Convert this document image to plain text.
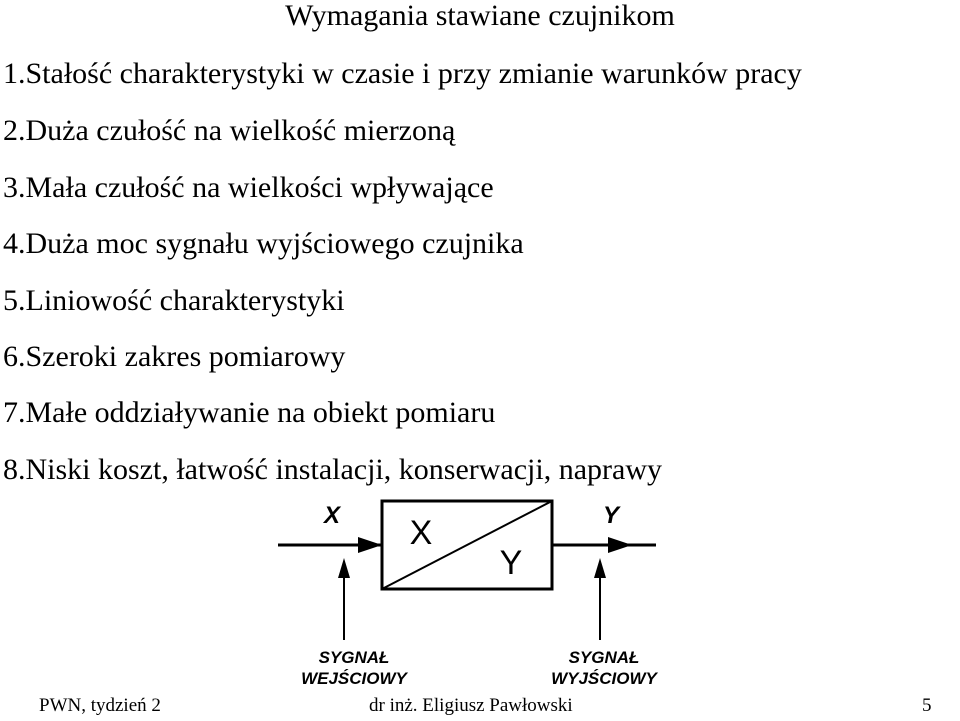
Wymagania stawiane czujnikom
1.Stałość charakterystyki w czasie i przy zmianie warunków pracy
2.Duża czułość na wielkość mierzoną
3.Mała czułość na wielkości wpływające
4.Duża moc sygnału wyjściowego czujnika
5.Liniowość charakterystyki
6.Szeroki zakres pomiarowy
7.Małe oddziaływanie na obiekt pomiaru
8.Niski koszt, łatwość instalacji, konserwacji, naprawy
X	Y
X
Y
SYGNAŁ
WEJŚCIOWY
SYGNAŁ
WYJŚCIOWY
PWN, tydzień 2	dr inż. Eligiusz Pawłowski	5
